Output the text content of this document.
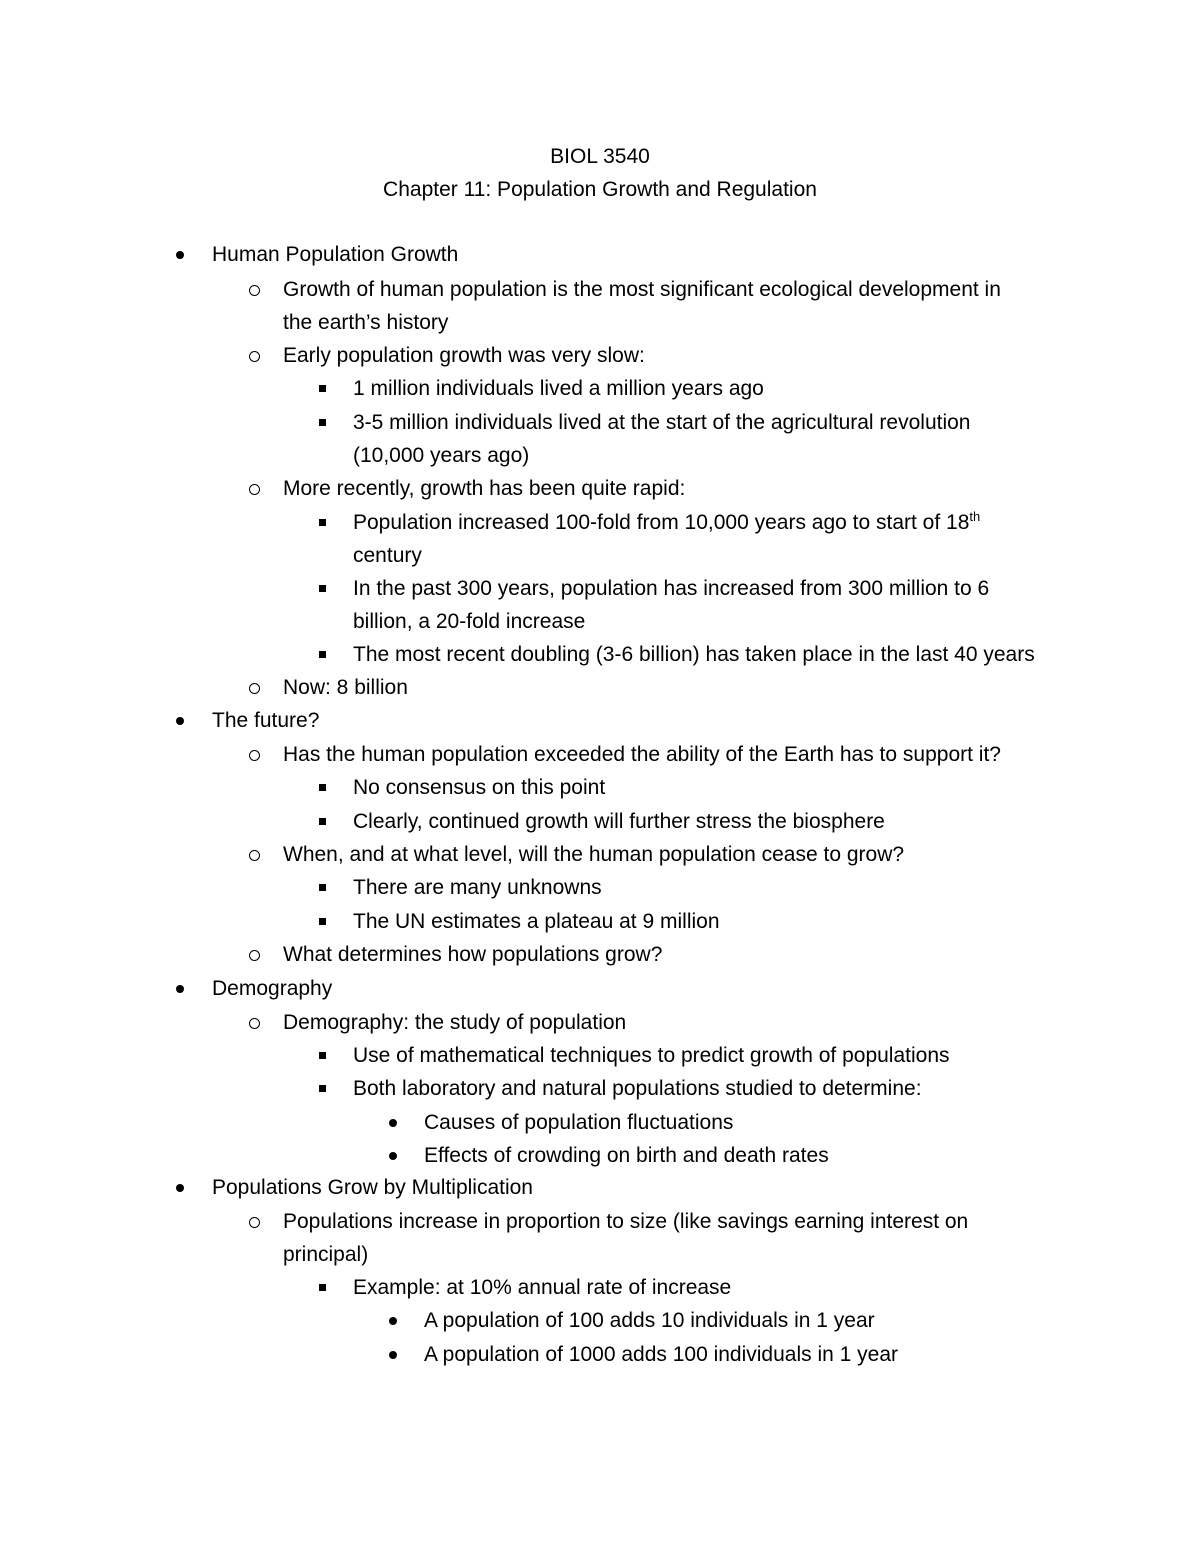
BIOL 3540
Chapter 11: Population Growth and Regulation
Human Population Growth
Growth of human population is the most significant ecological development in
the earth’s history
Early population growth was very slow:
1 million individuals lived a million years ago
3-5 million individuals lived at the start of the agricultural revolution
(10,000 years ago)
More recently, growth has been quite rapid:
Population increased 100-fold from 10,000 years ago to start of 18th
century
In the past 300 years, population has increased from 300 million to 6
billion, a 20-fold increase
The most recent doubling (3-6 billion) has taken place in the last 40 years
Now: 8 billion
The future?
Has the human population exceeded the ability of the Earth has to support it?
No consensus on this point
Clearly, continued growth will further stress the biosphere
When, and at what level, will the human population cease to grow?
There are many unknowns
The UN estimates a plateau at 9 million
What determines how populations grow?
Demography
Demography: the study of population
Use of mathematical techniques to predict growth of populations
Both laboratory and natural populations studied to determine:
Causes of population fluctuations
Effects of crowding on birth and death rates
Populations Grow by Multiplication
Populations increase in proportion to size (like savings earning interest on
principal)
Example: at 10% annual rate of increase
A population of 100 adds 10 individuals in 1 year
A population of 1000 adds 100 individuals in 1 year
